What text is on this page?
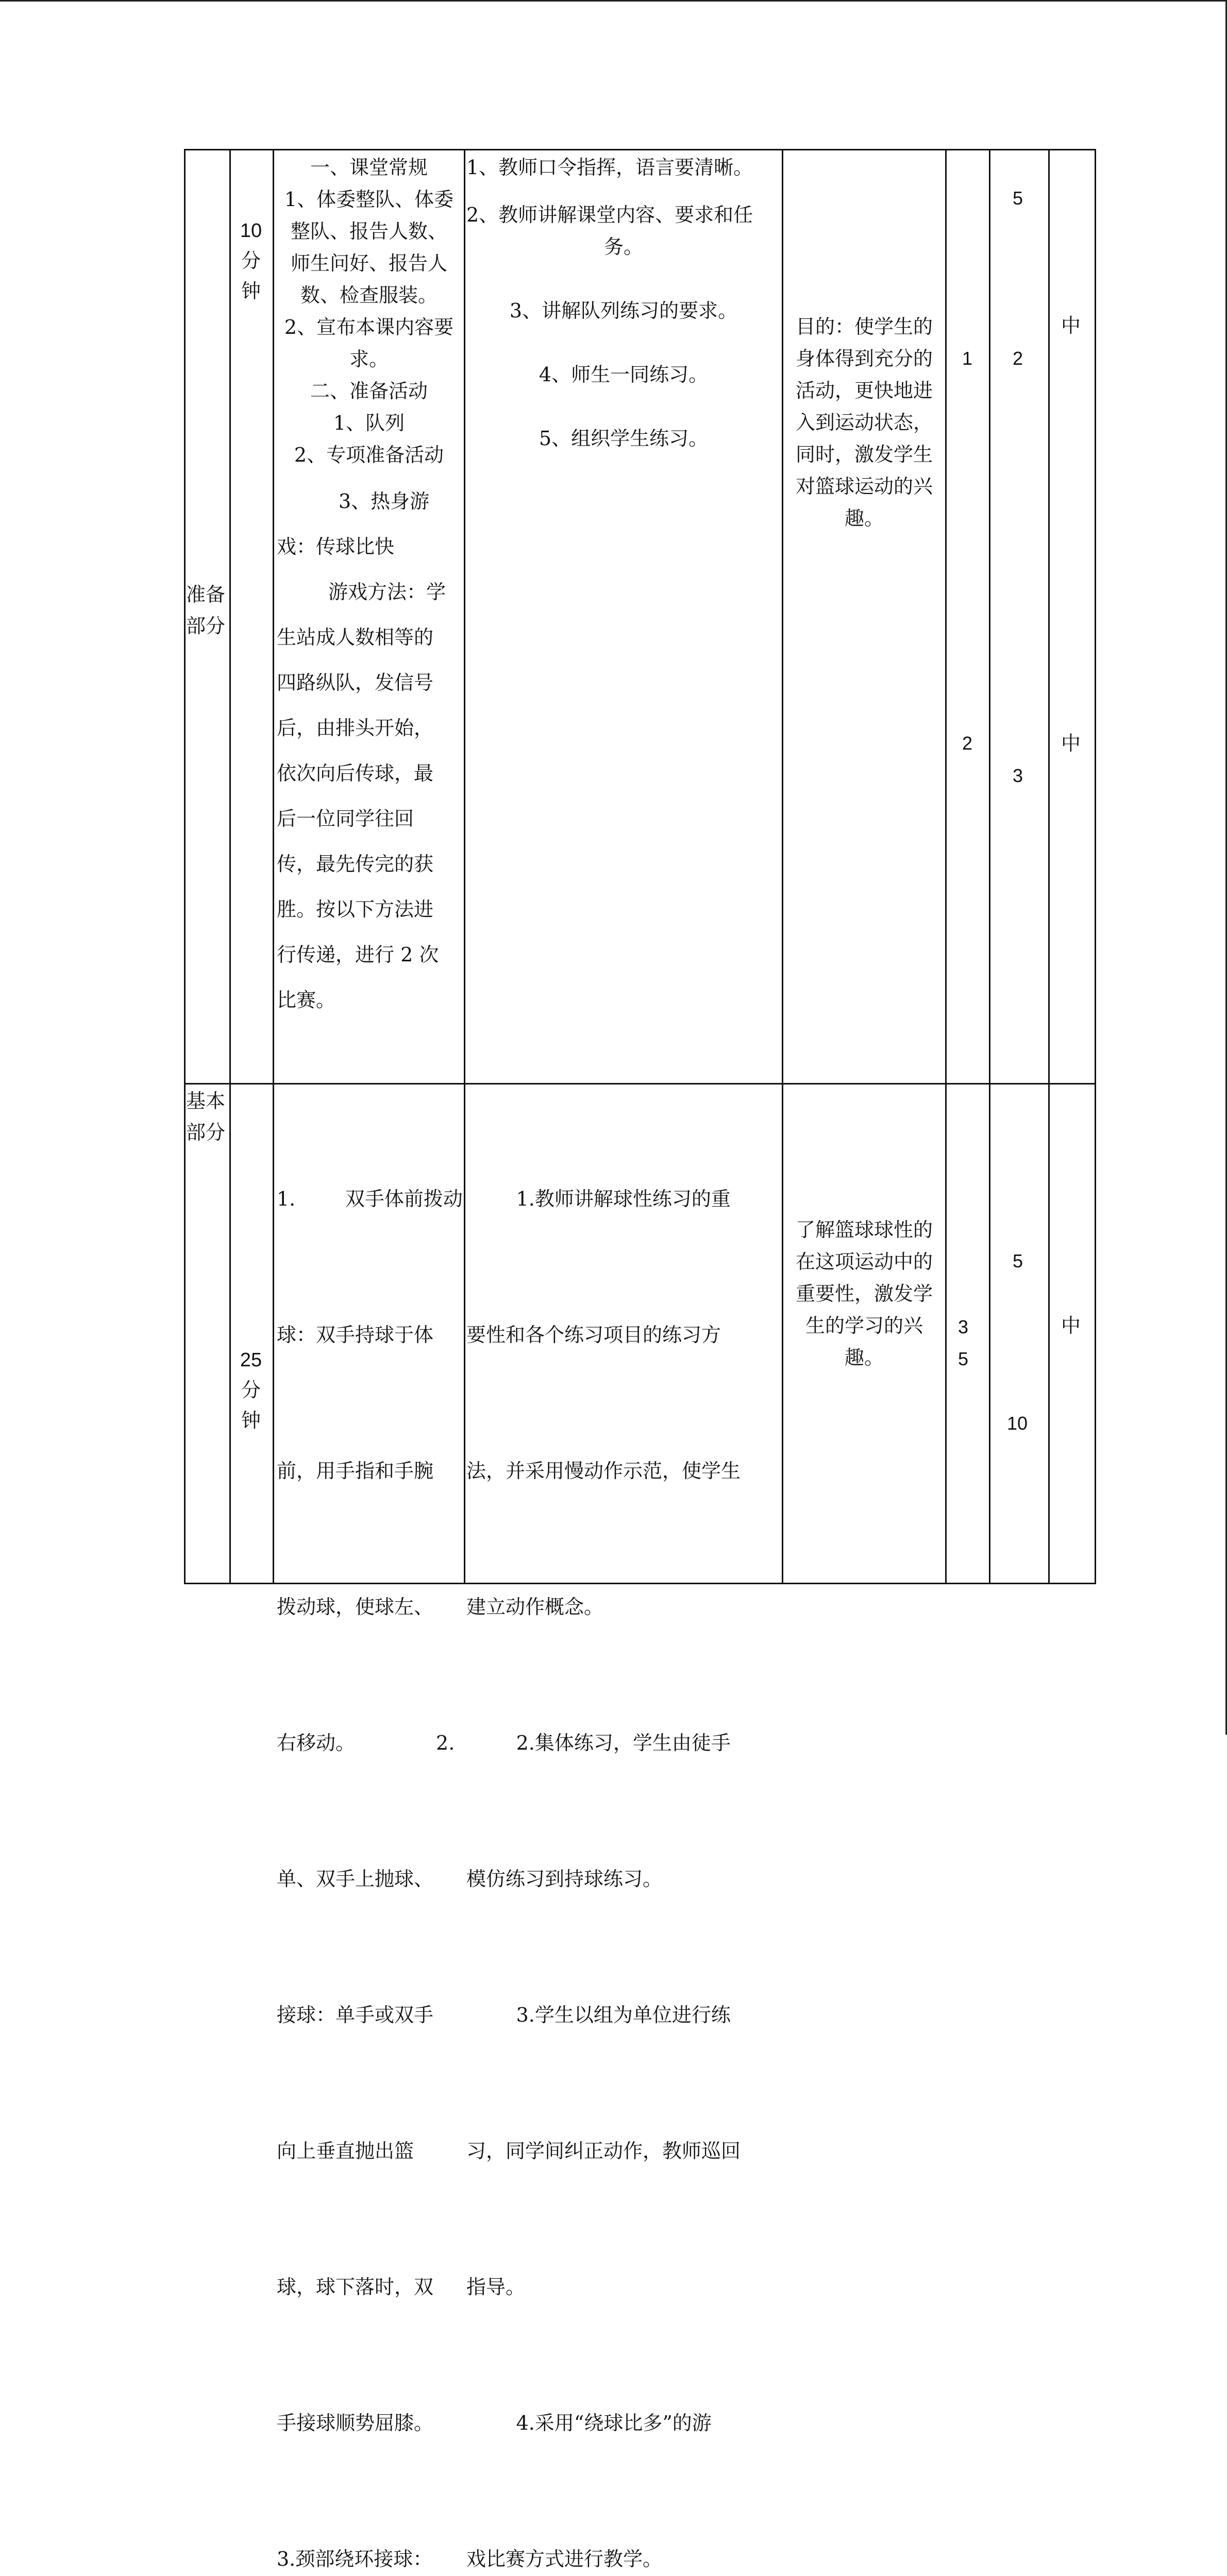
准备
部分
10
分
钟
一、课堂常规
1、体委整队、体委
整队、报告人数、
师生问好、报告人
数、检查服装。
2、宣布本课内容要
求。
二、准备活动
1、队列
2、专项准备活动
3、热身游
戏：传球比快
游戏方法：学
生站成人数相等的
四路纵队，发信号
后，由排头开始，
依次向后传球，最
后一位同学往回
传，最先传完的获
胜。按以下方法进
行传递，进行 2 次
比赛。
1、教师口令指挥，语言要清晰。
2、教师讲解课堂内容、要求和任
务。
3、讲解队列练习的要求。
4、师生一同练习。
5、组织学生练习。
目的：使学生的
身体得到充分的
活动，更快地进
入到运动状态，
同时，激发学生
对篮球运动的兴
趣。
1
2
5
2
3
中
中
基本
部分
25
分
钟

1.        双手体前拨动

球：双手持球于体

前，用手指和手腕

拨动球，使球左、

右移动。             2.

单、双手上抛球、

接球：单手或双手

向上垂直抛出篮

球，球下落时，双

手接球顺势屈膝。

3.颈部绕环接球：

1.教师讲解球性练习的重

要性和各个练习项目的练习方

法，并采用慢动作示范，使学生

建立动作概念。

2.集体练习，学生由徒手

模仿练习到持球练习。

3.学生以组为单位进行练

习，同学间纠正动作，教师巡回

指导。

4.采用“绕球比多”的游

戏比赛方式进行教学。

了解篮球球性的
在这项运动中的
重要性，激发学
生的学习的兴
趣。
3
5
5
10
中
